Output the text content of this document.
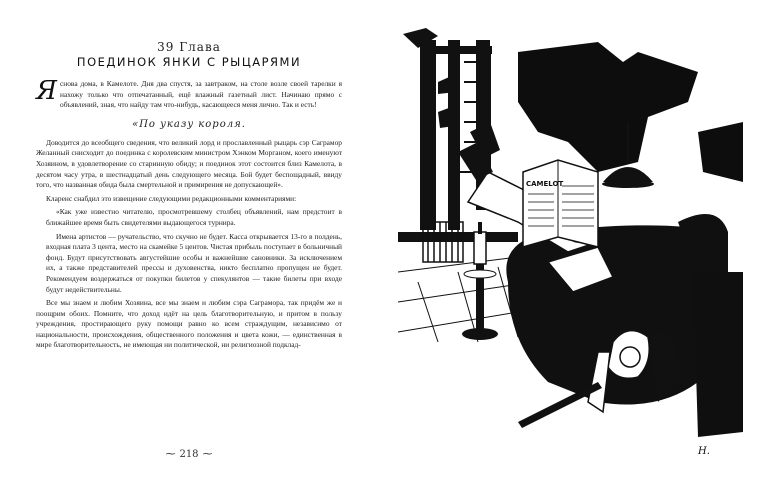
39 Глава
ПОЕДИНОК ЯНКИ С РЫЦАРЯМИ

Яснова дома, в Камелоте. Дня два спустя, за завтраком, на столе возле своей тарелки я нахожу только что отпечатанный, ещё влажный газетный лист. Начинаю прямо с объявлений, зная, что найду там что-нибудь, касающееся меня лично. Так и есть!

«По указу короля.

Доводится до всеобщего сведения, что великий лорд и прославленный рыцарь сэр Саграмор Желанный снисходит до поединка с королевским министром Хэнком Морганом, коего именуют Хозяином, в удовлетворение со старинную обиду; и поединок этот состоится близ Камелота, в десятом часу утра, в шестнадцатый день следующего месяца. Бой будет беспощадный, ввиду того, что названная обида была смертельной и примирения не допускающей».

Кларенс снабдил это извещение следующими редакционными комментариями:

«Как уже известно читателю, просмотревшему столбец объявлений, нам предстоит в ближайшее время быть свидетелями выдающегося турнира.

Имена артистов — ручательство, что скучно не будет. Касса открывается 13-го в полдень, входная плата 3 цента, место на скамейке 5 центов. Чистая прибыль поступает в больничный фонд. Будут присутствовать августейшие особы и важнейшие сановники. За исключением их, а также представителей прессы и духовенства, никто бесплатно пропущен не будет. Рекомендуем воздержаться от покупки билетов у спекулянтов — такие билеты при входе будут недействительны.

Все мы знаем и любим Хозяина, все мы знаем и любим сэра Саграмора, так придём же и поощрим обоих. Помните, что доход идёт на цель благотворительную, и притом в пользу учреждения, простирающего руку помощи равно ко всем страждущим, независимо от национальности, происхождения, общественного положения и цвета кожи, — единственная в мире благотворительность, не имеющая ни политической, ни религиозной подклад-

⁓ 218 ⁓
CAMELOT
H.
